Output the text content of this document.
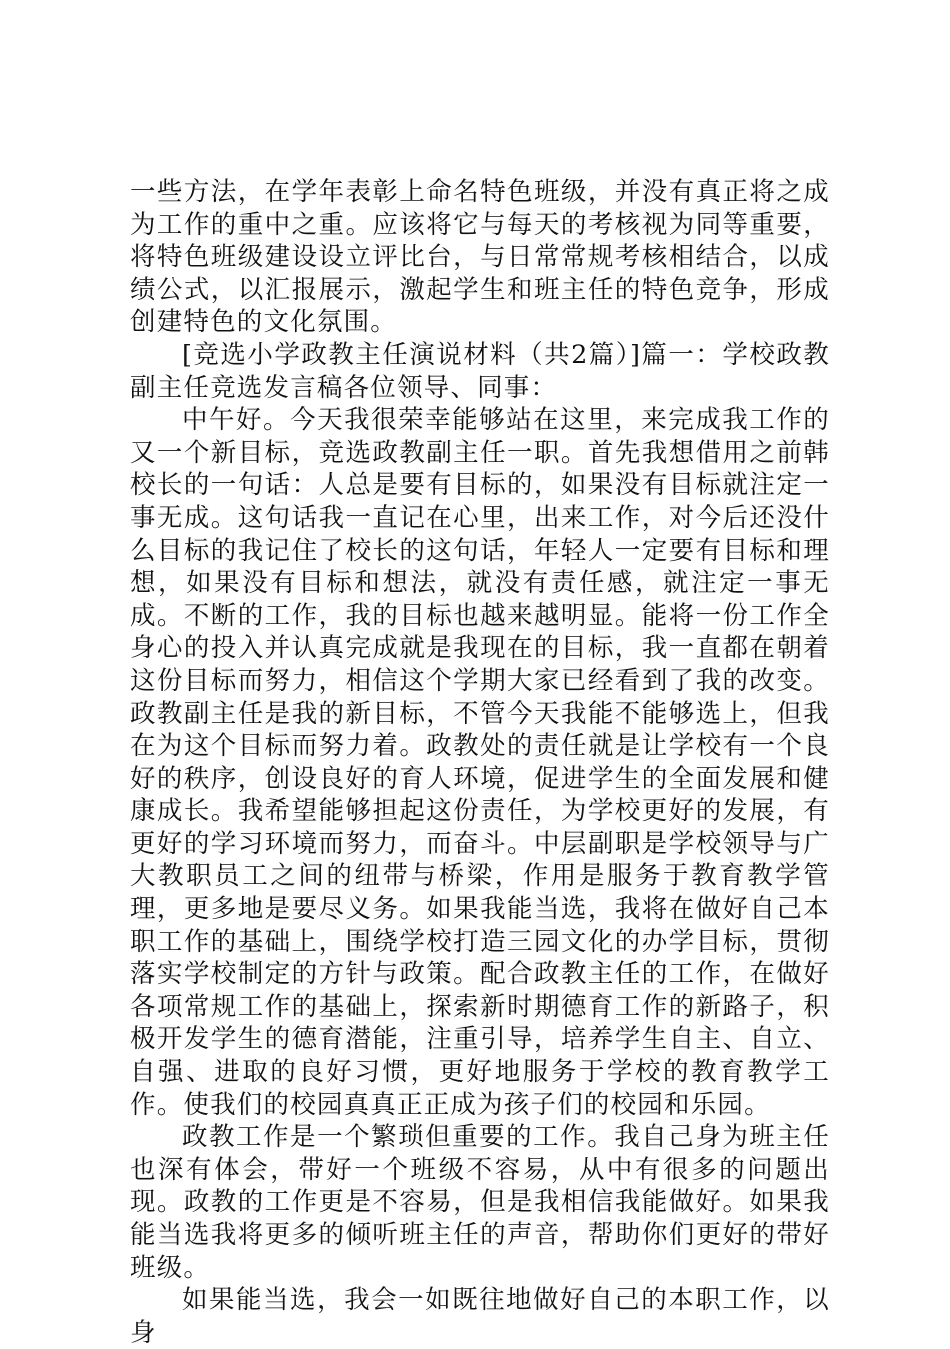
一些方法，在学年表彰上命名特色班级，并没有真正将之成为工作的重中之重。应该将它与每天的考核视为同等重要，将特色班级建设设立评比台，与日常常规考核相结合，以成绩公式，以汇报展示，激起学生和班主任的特色竞争，形成创建特色的文化氛围。

[竞选小学政教主任演说材料（共2篇）]篇一：学校政教副主任竞选发言稿各位领导、同事：

中午好。今天我很荣幸能够站在这里，来完成我工作的又一个新目标，竞选政教副主任一职。首先我想借用之前韩校长的一句话：人总是要有目标的，如果没有目标就注定一事无成。这句话我一直记在心里，出来工作，对今后还没什么目标的我记住了校长的这句话，年轻人一定要有目标和理想，如果没有目标和想法，就没有责任感，就注定一事无成。不断的工作，我的目标也越来越明显。能将一份工作全身心的投入并认真完成就是我现在的目标，我一直都在朝着这份目标而努力，相信这个学期大家已经看到了我的改变。政教副主任是我的新目标，不管今天我能不能够选上，但我在为这个目标而努力着。政教处的责任就是让学校有一个良好的秩序，创设良好的育人环境，促进学生的全面发展和健康成长。我希望能够担起这份责任，为学校更好的发展，有更好的学习环境而努力，而奋斗。中层副职是学校领导与广大教职员工之间的纽带与桥梁，作用是服务于教育教学管理，更多地是要尽义务。如果我能当选，我将在做好自己本职工作的基础上，围绕学校打造三园文化的办学目标，贯彻落实学校制定的方针与政策。配合政教主任的工作，在做好各项常规工作的基础上，探索新时期德育工作的新路子，积极开发学生的德育潜能，注重引导，培养学生自主、自立、自强、进取的良好习惯，更好地服务于学校的教育教学工作。使我们的校园真真正正成为孩子们的校园和乐园。

政教工作是一个繁琐但重要的工作。我自己身为班主任也深有体会，带好一个班级不容易，从中有很多的问题出现。政教的工作更是不容易，但是我相信我能做好。如果我能当选我将更多的倾听班主任的声音，帮助你们更好的带好班级。

如果能当选，我会一如既往地做好自己的本职工作，以身
